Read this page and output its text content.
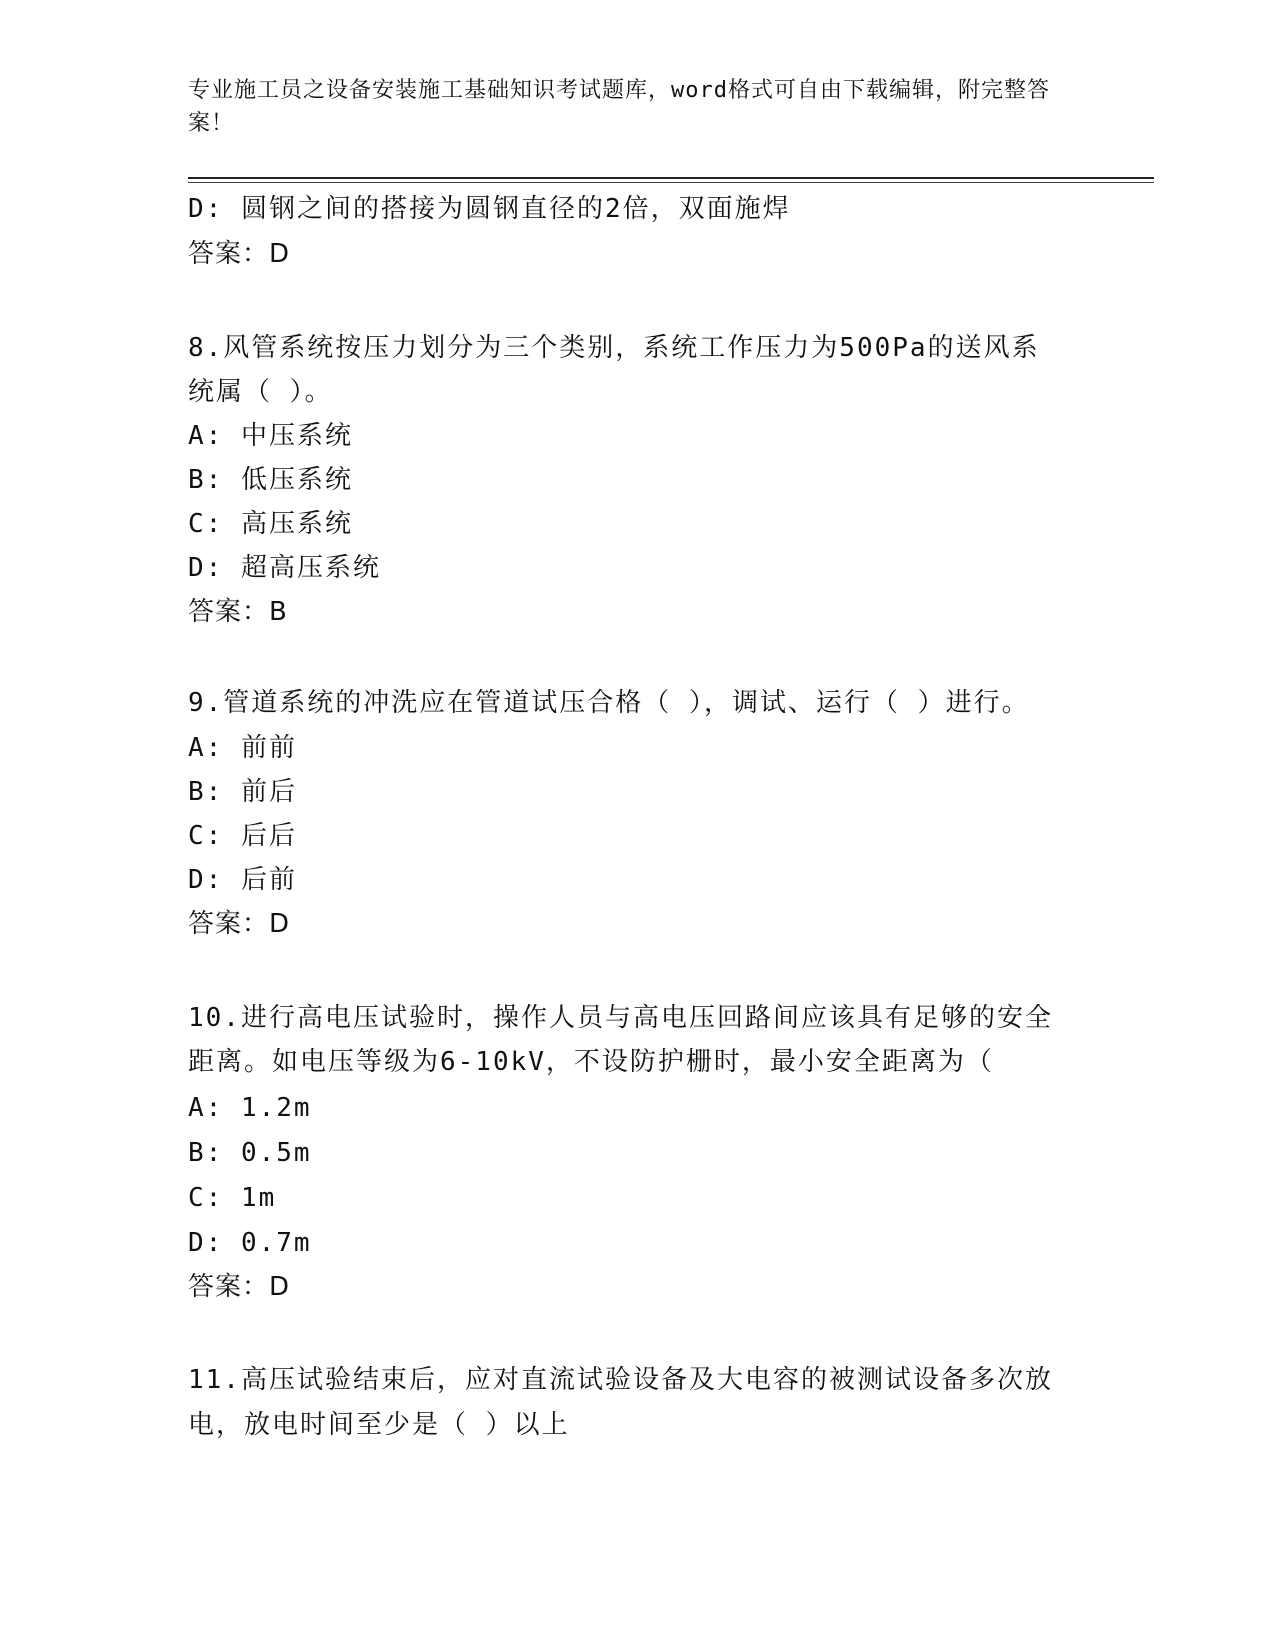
专业施工员之设备安装施工基础知识考试题库，word格式可自由下载编辑，附完整答案！
D: 圆钢之间的搭接为圆钢直径的2倍，双面施焊
答案：D
8.风管系统按压力划分为三个类别，系统工作压力为500Pa的送风系
统属（ ）。
A: 中压系统
B: 低压系统
C: 高压系统
D: 超高压系统
答案：B
9.管道系统的冲洗应在管道试压合格（ ），调试、运行（ ）进行。
A: 前前
B: 前后
C: 后后
D: 后前
答案：D
10.进行高电压试验时，操作人员与高电压回路间应该具有足够的安全
距离。如电压等级为6-10kV，不设防护栅时，最小安全距离为（
A: 1.2m
B: 0.5m
C: 1m
D: 0.7m
答案：D
11.高压试验结束后，应对直流试验设备及大电容的被测试设备多次放
电，放电时间至少是（ ）以上
